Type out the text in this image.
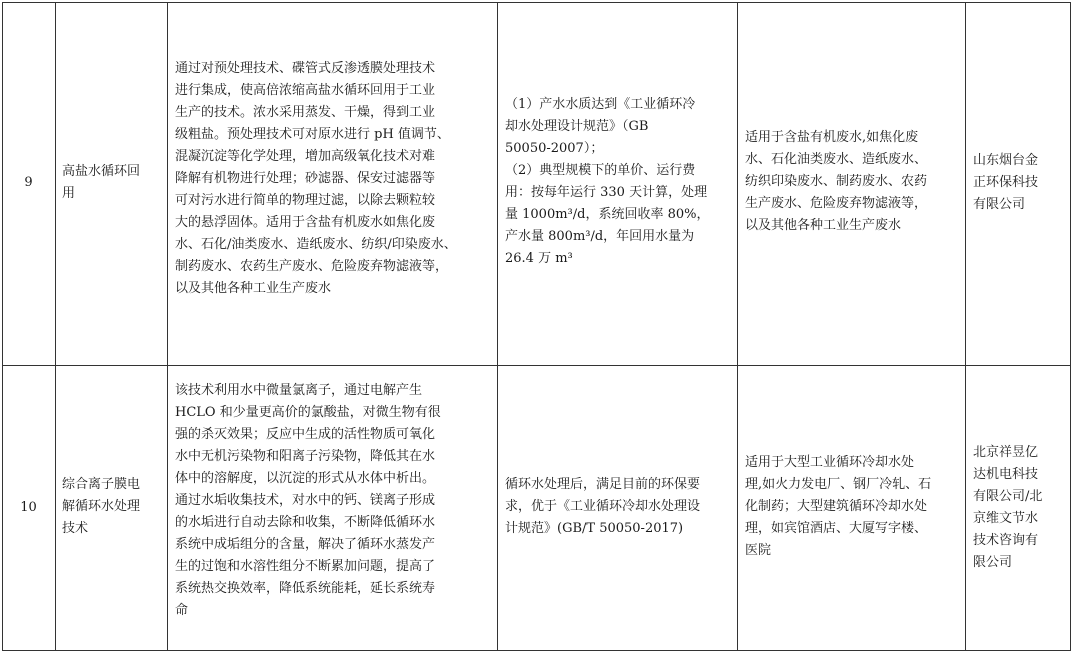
9
高盐水循环回
用
通过对预处理技术、碟管式反渗透膜处理技术
进行集成，使高倍浓缩高盐水循环回用于工业
生产的技术。浓水采用蒸发、干燥，得到工业
级粗盐。预处理技术可对原水进行 pH 值调节、
混凝沉淀等化学处理，增加高级氧化技术对难
降解有机物进行处理；砂滤器、保安过滤器等
可对污水进行简单的物理过滤，以除去颗粒较
大的悬浮固体。适用于含盐有机废水如焦化废
水、石化/油类废水、造纸废水、纺织/印染废水、
制药废水、农药生产废水、危险废弃物滤液等，
以及其他各种工业生产废水
（1）产水水质达到《工业循环冷
却水处理设计规范》（GB
50050-2007）；
（2）典型规模下的单价、运行费
用：按每年运行 330 天计算，处理
量 1000m³/d，系统回收率 80%，
产水量 800m³/d，年回用水量为
26.4 万 m³
适用于含盐有机废水,如焦化废
水、石化油类废水、造纸废水、
纺织印染废水、制药废水、农药
生产废水、危险废弃物滤液等，
以及其他各种工业生产废水
山东烟台金
正环保科技
有限公司
10
综合离子膜电
解循环水处理
技术
该技术利用水中微量氯离子，通过电解产生
HCLO 和少量更高价的氯酸盐，对微生物有很
强的杀灭效果；反应中生成的活性物质可氧化
水中无机污染物和阳离子污染物，降低其在水
体中的溶解度，以沉淀的形式从水体中析出。
通过水垢收集技术，对水中的钙、镁离子形成
的水垢进行自动去除和收集，不断降低循环水
系统中成垢组分的含量，解决了循环水蒸发产
生的过饱和水溶性组分不断累加问题，提高了
系统热交换效率，降低系统能耗，延长系统寿
命
循环水处理后，满足目前的环保要
求，优于《工业循环冷却水处理设
计规范》(GB/T 50050-2017)
适用于大型工业循环冷却水处
理,如火力发电厂、钢厂冷轧、石
化制药；大型建筑循环冷却水处
理，如宾馆酒店、大厦写字楼、
医院
北京祥昱亿
达机电科技
有限公司/北
京维文节水
技术咨询有
限公司
